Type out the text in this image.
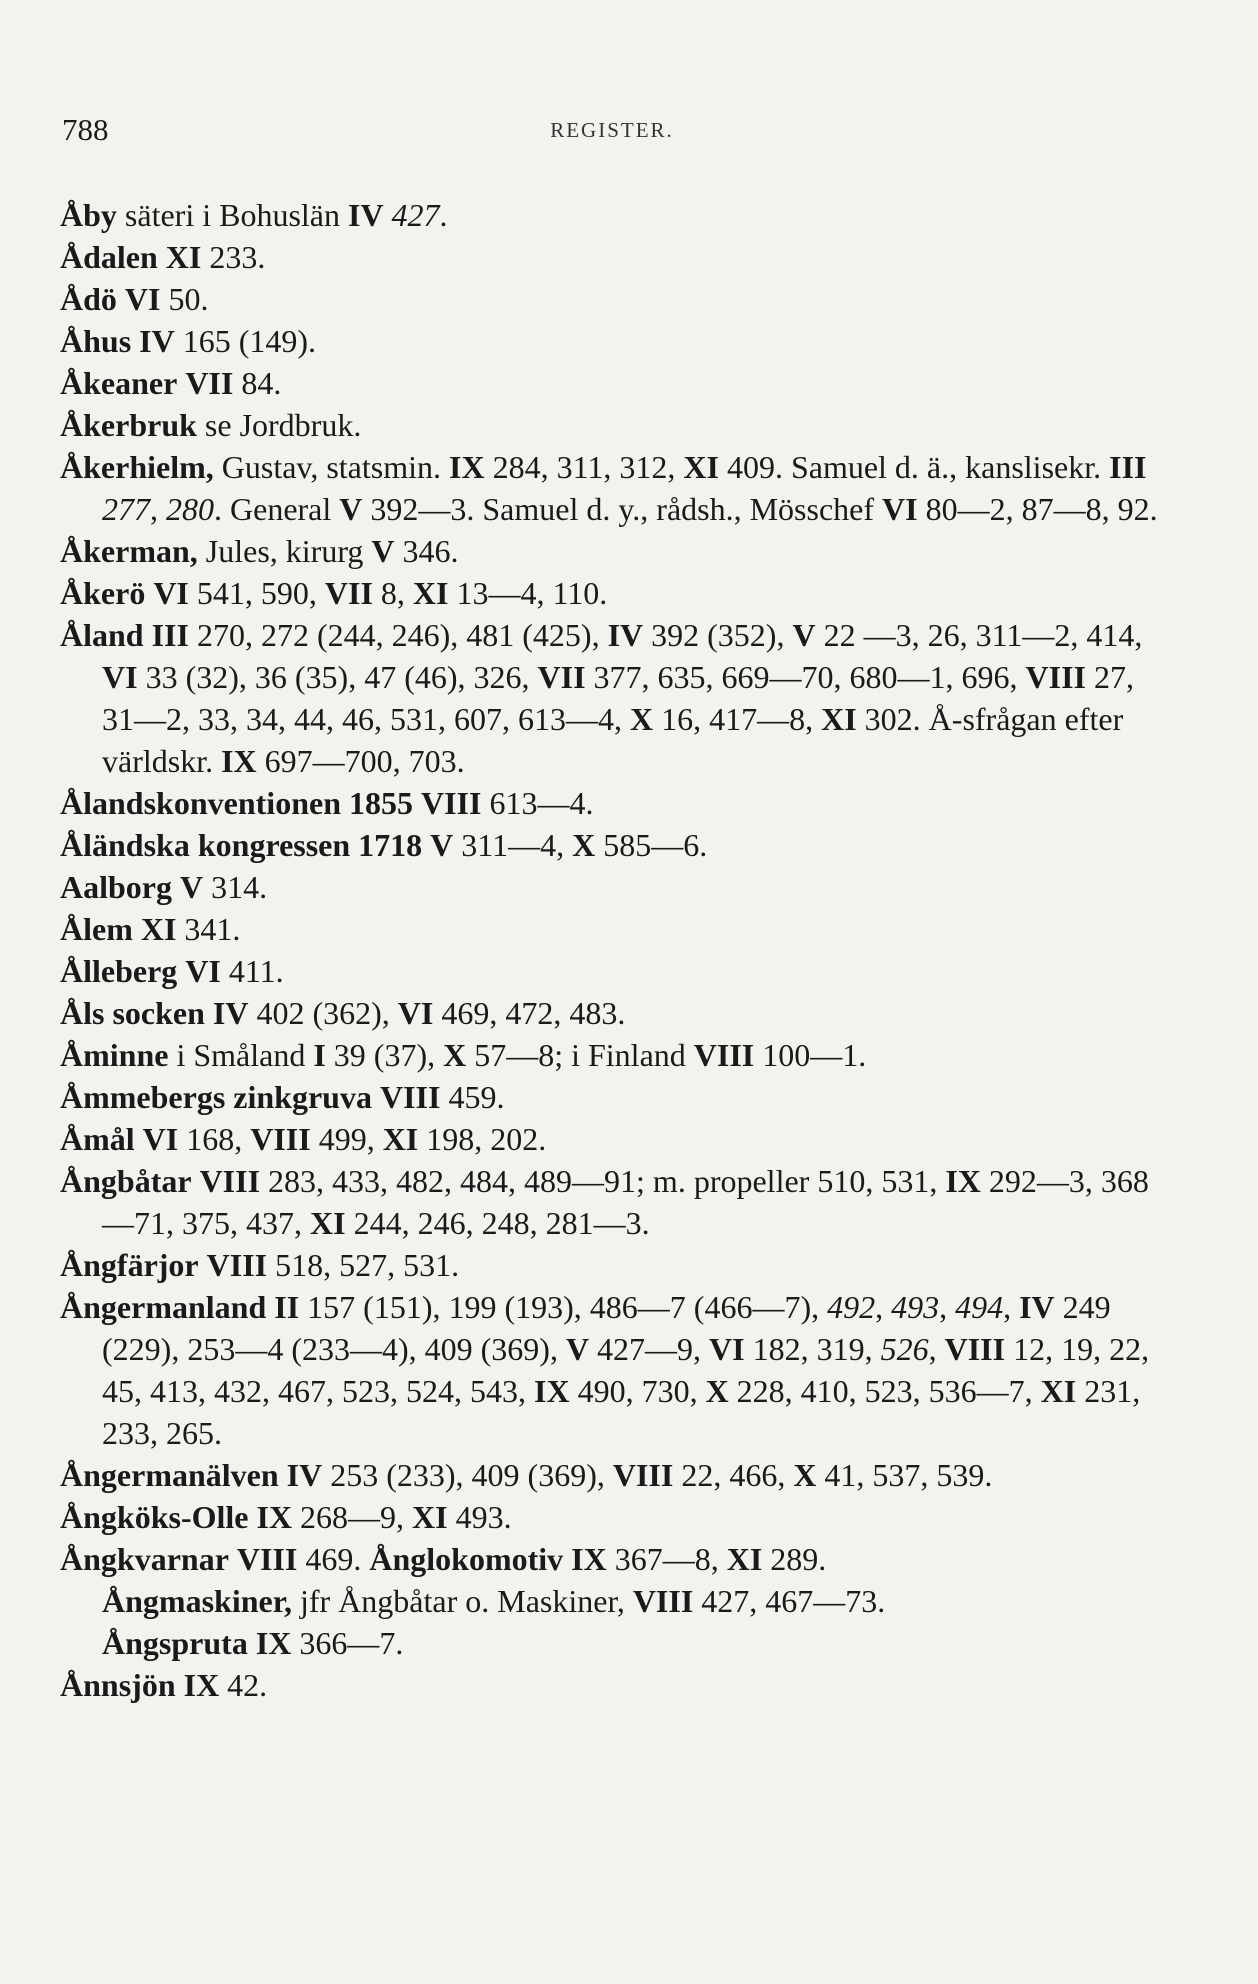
788	REGISTER.
Åby säteri i Bohuslän IV 427.
Ådalen XI 233.
Ådö VI 50.
Åhus IV 165 (149).
Åkeaner VII 84.
Åkerbruk se Jordbruk.
Åkerhielm, Gustav, statsmin. IX 284, 311, 312, XI 409. Samuel d. ä., kanslisekr. III 277, 280. General V 392—3. Samuel d. y., rådsh., Mösschef VI 80—2, 87—8, 92.
Åkerman, Jules, kirurg V 346.
Åkerö VI 541, 590, VII 8, XI 13—4, 110.
Åland III 270, 272 (244, 246), 481 (425), IV 392 (352), V 22 —3, 26, 311—2, 414, VI 33 (32), 36 (35), 47 (46), 326, VII 377, 635, 669—70, 680—1, 696, VIII 27, 31—2, 33, 34, 44, 46, 531, 607, 613—4, X 16, 417—8, XI 302. Å-sfrågan efter världskr. IX 697—700, 703.
Ålandskonventionen 1855 VIII 613—4.
Åländska kongressen 1718 V 311—4, X 585—6.
Aalborg V 314.
Ålem XI 341.
Ålleberg VI 411.
Åls socken IV 402 (362), VI 469, 472, 483.
Åminne i Småland I 39 (37), X 57—8; i Finland VIII 100—1.
Åmmebergs zinkgruva VIII 459.
Åmål VI 168, VIII 499, XI 198, 202.
Ångbåtar VIII 283, 433, 482, 484, 489—91; m. propeller 510, 531, IX 292—3, 368—71, 375, 437, XI 244, 246, 248, 281—3.
Ångfärjor VIII 518, 527, 531.
Ångermanland II 157 (151), 199 (193), 486—7 (466—7), 492, 493, 494, IV 249 (229), 253—4 (233—4), 409 (369), V 427—9, VI 182, 319, 526, VIII 12, 19, 22, 45, 413, 432, 467, 523, 524, 543, IX 490, 730, X 228, 410, 523, 536—7, XI 231, 233, 265.
Ångermanälven IV 253 (233), 409 (369), VIII 22, 466, X 41, 537, 539.
Ångköks-Olle IX 268—9, XI 493.
Ångkvarnar VIII 469. Ånglokomotiv IX 367—8, XI 289.
Ångmaskiner, jfr Ångbåtar o. Maskiner, VIII 427, 467—73.
Ångspruta IX 366—7.
Ånnsjön IX 42.
